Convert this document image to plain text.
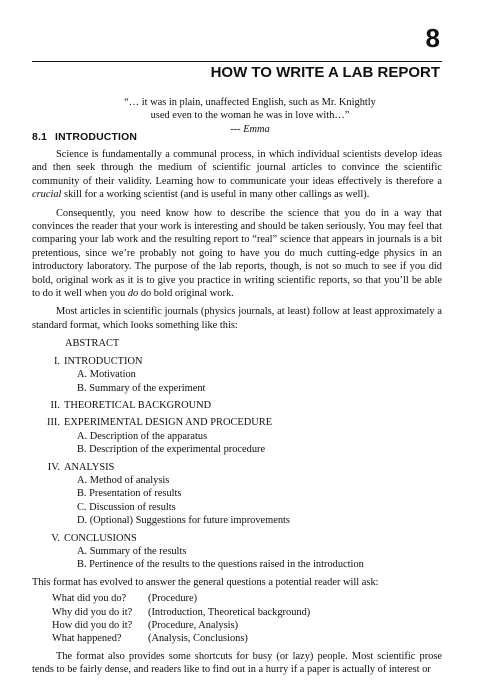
8
HOW TO WRITE A LAB REPORT
“… it was in plain, unaffected English, such as Mr. Knightly
used even to the woman he was in love with…”
--- Emma
8.1 INTRODUCTION

Science is fundamentally a communal process, in which individual scientists develop ideas and then seek through the medium of scientific journal articles to convince the scientific community of their validity. Learning how to communicate your ideas effectively is therefore a crucial skill for a working scientist (and is useful in many other callings as well).

Consequently, you need know how to describe the science that you do in a way that convinces the reader that your work is interesting and should be taken seriously. You may feel that comparing your lab work and the resulting report to “real” science that appears in journals is a bit pretentious, since we’re probably not going to have you do much cutting-edge physics in an introductory laboratory. The purpose of the lab reports, though, is not so much to see if you did bold, original work as it is to give you practice in writing scientific reports, so that you’ll be able to do it well when you do do bold original work.

Most articles in scientific journals (physics journals, at least) follow at least approximately a standard format, which looks something like this:

ABSTRACT
I. INTRODUCTION
A. Motivation
B. Summary of the experiment
II. THEORETICAL BACKGROUND
III. EXPERIMENTAL DESIGN AND PROCEDURE
A. Description of the apparatus
B. Description of the experimental procedure
IV. ANALYSIS
A. Method of analysis
B. Presentation of results
C. Discussion of results
D. (Optional) Suggestions for future improvements
V. CONCLUSIONS
A. Summary of the results
B. Pertinence of the results to the questions raised in the introduction
This format has evolved to answer the general questions a potential reader will ask:
What did you do?	(Procedure)
Why did you do it?	(Introduction, Theoretical background)
How did you do it?	(Procedure, Analysis)
What happened?	(Analysis, Conclusions)

The format also provides some shortcuts for busy (or lazy) people. Most scientific prose tends to be fairly dense, and readers like to find out in a hurry if a paper is actually of interest or
